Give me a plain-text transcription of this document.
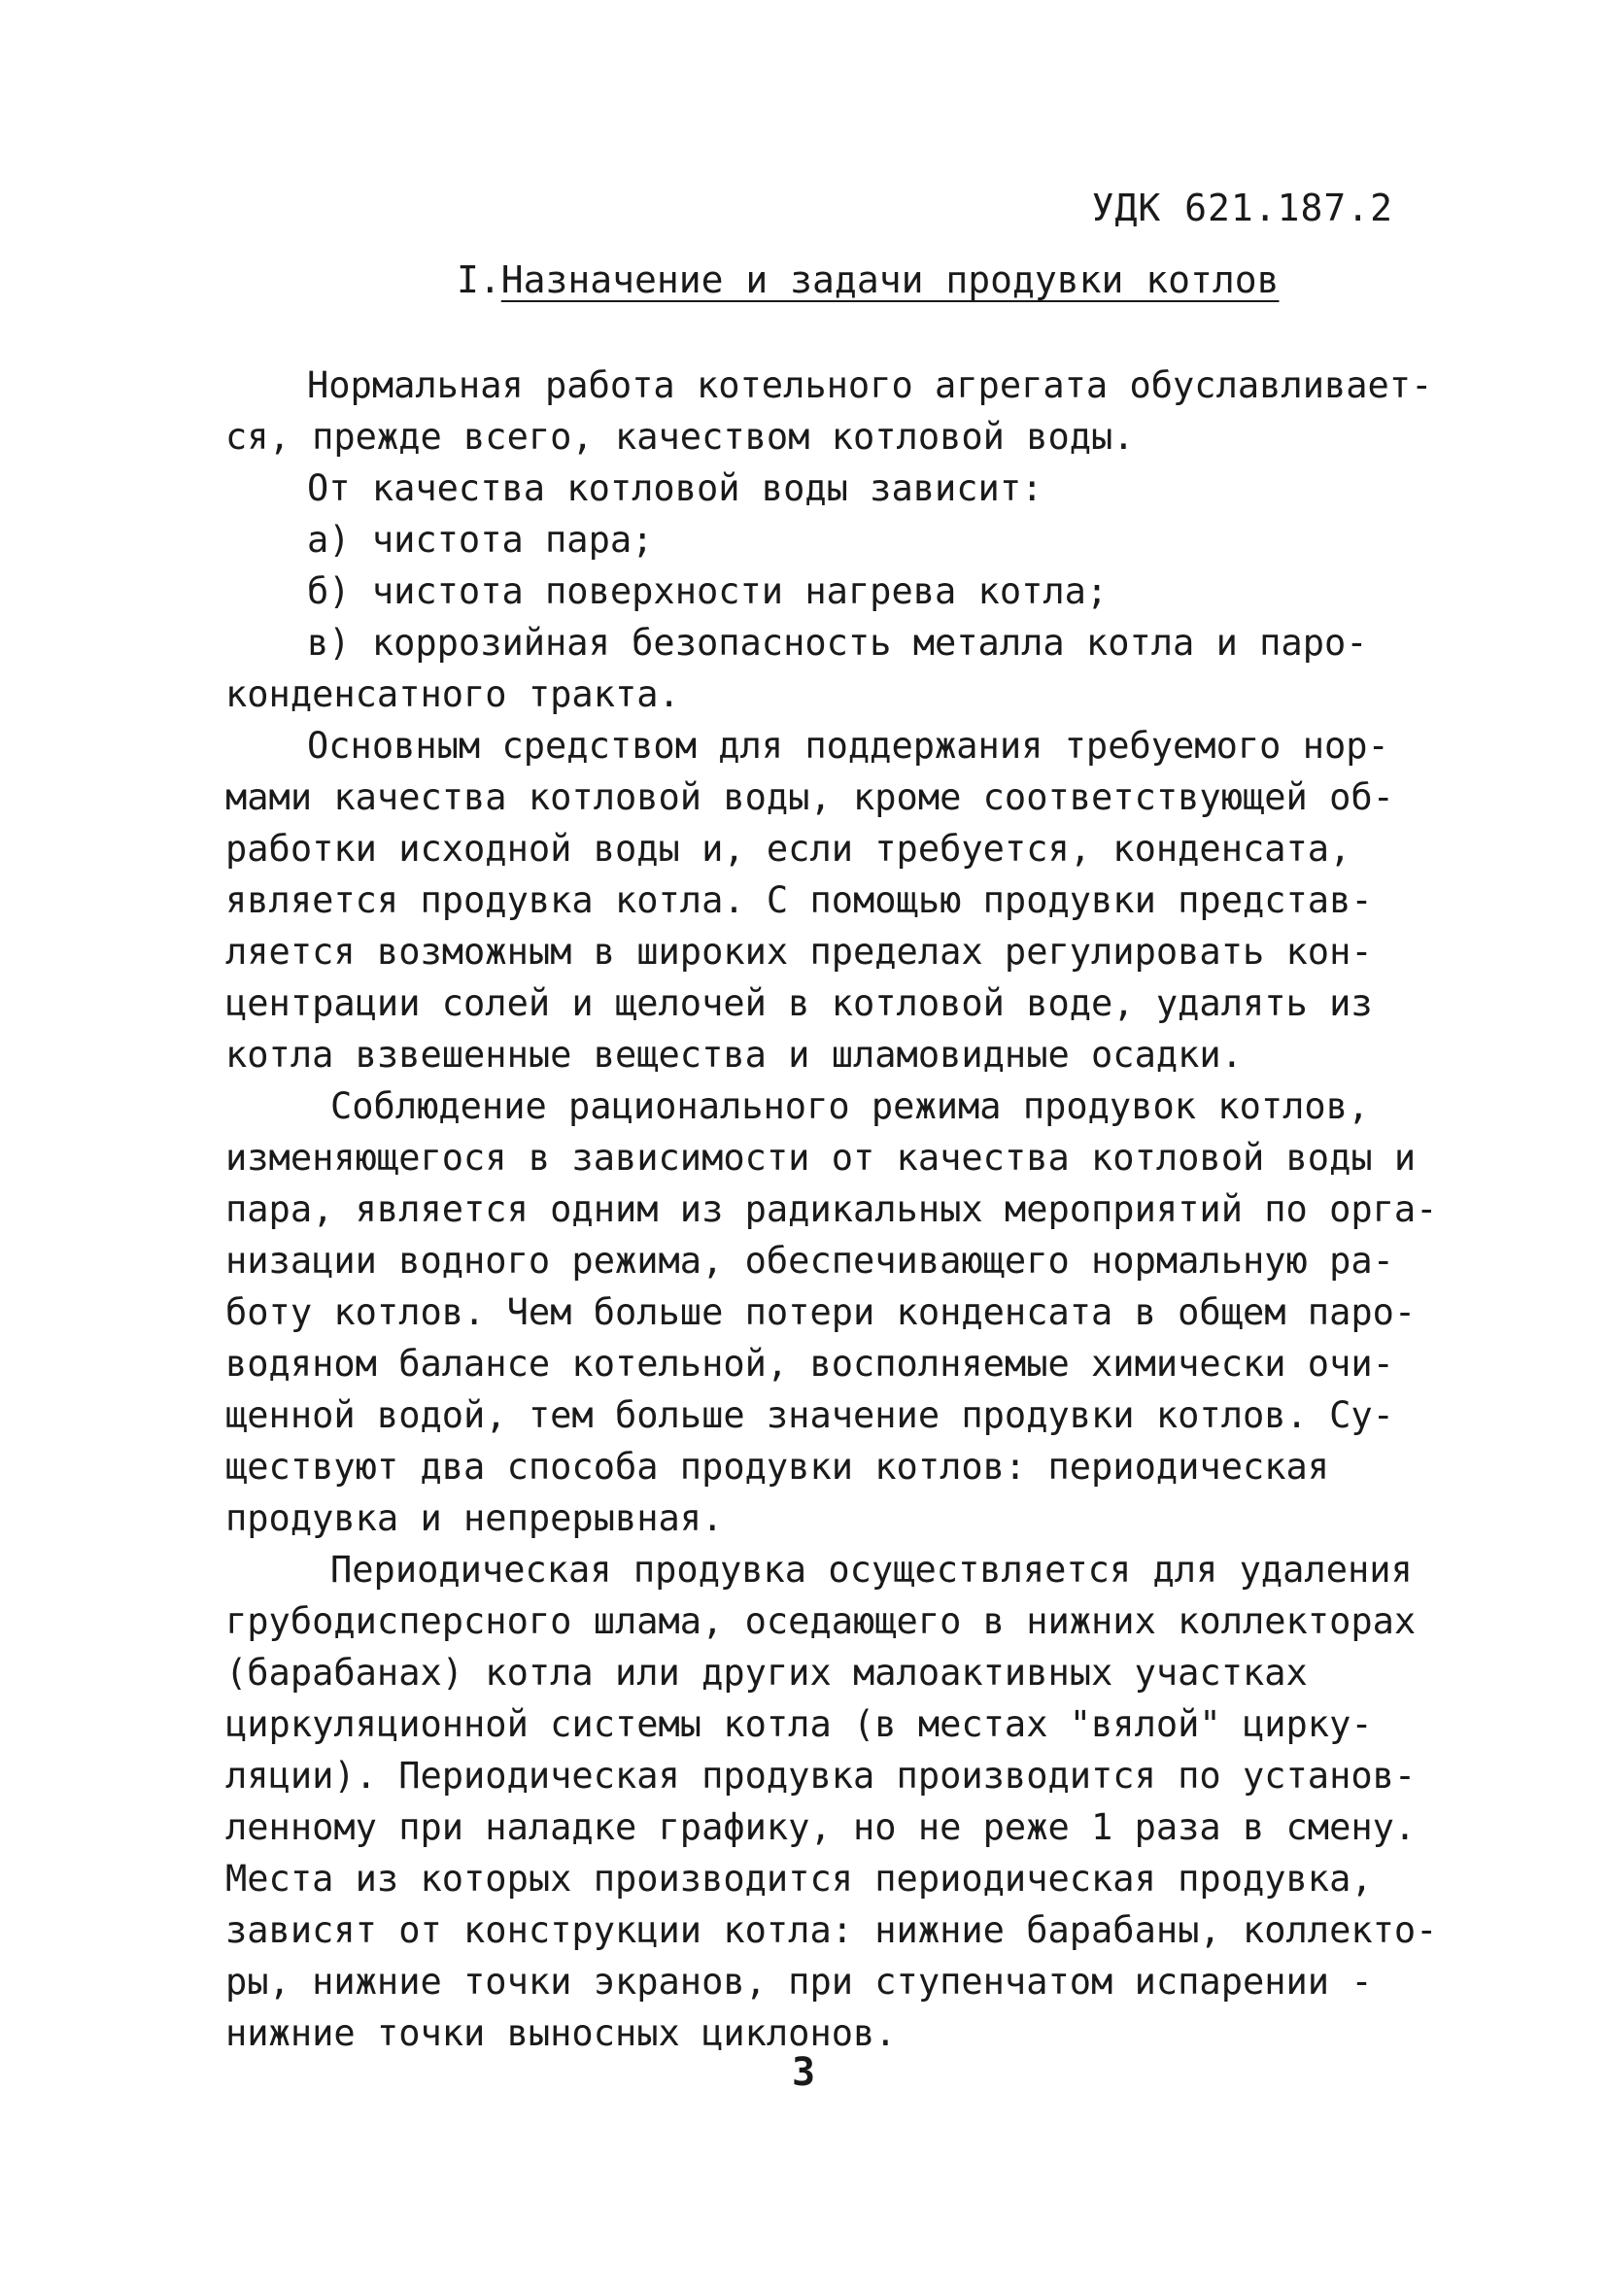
УДК 621.187.2
I.Назначение и задачи продувки котлов
Нормальная работа котельного агрегата обуславливает-
ся, прежде всего, качеством котловой воды.
От качества котловой воды зависит:
а) чистота пара;
б) чистота поверхности нагрева котла;
в) коррозийная безопасность металла котла и паро-
конденсатного тракта.
Основным средством для поддержания требуемого нор-
мами качества котловой воды, кроме соответствующей об-
работки исходной воды и, если требуется, конденсата,
является продувка котла. С помощью продувки представ-
ляется возможным в широких пределах регулировать кон-
центрации солей и щелочей в котловой воде, удалять из
котла взвешенные вещества и шламовидные осадки.
Соблюдение рационального режима продувок котлов,
изменяющегося в зависимости от качества котловой воды и
пара, является одним из радикальных мероприятий по орга-
низации водного режима, обеспечивающего нормальную ра-
боту котлов. Чем больше потери конденсата в общем паро-
водяном балансе котельной, восполняемые химически очи-
щенной водой, тем больше значение продувки котлов. Су-
ществуют два способа продувки котлов: периодическая
продувка и непрерывная.
Периодическая продувка осуществляется для удаления
грубодисперсного шлама, оседающего в нижних коллекторах
(барабанах) котла или других малоактивных участках
циркуляционной системы котла (в местах "вялой" цирку-
ляции). Периодическая продувка производится по установ-
ленному при наладке графику, но не реже 1 раза в смену.
Места из которых производится периодическая продувка,
зависят от конструкции котла: нижние барабаны, коллекто-
ры, нижние точки экранов, при ступенчатом испарении -
нижние точки выносных циклонов.
3
